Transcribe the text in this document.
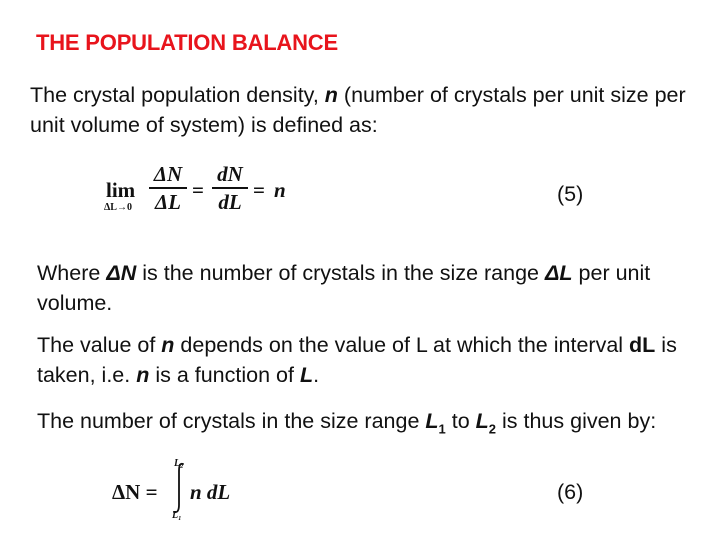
THE POPULATION BALANCE
The crystal population density, n (number of crystals per unit size per unit volume of system) is defined as:
lim
ΔL→0
ΔN
ΔL =
dN
dL = n	(5)
Where ΔN is the number of crystals in the size range ΔL per unit volume.
The value of n depends on the value of L at which the interval dL is taken, i.e. n is a function of L.
The number of crystals in the size range $L_1$ to $L_2$ is thus given by:
ΔN =
L₂
L₁
n dL	(6)
